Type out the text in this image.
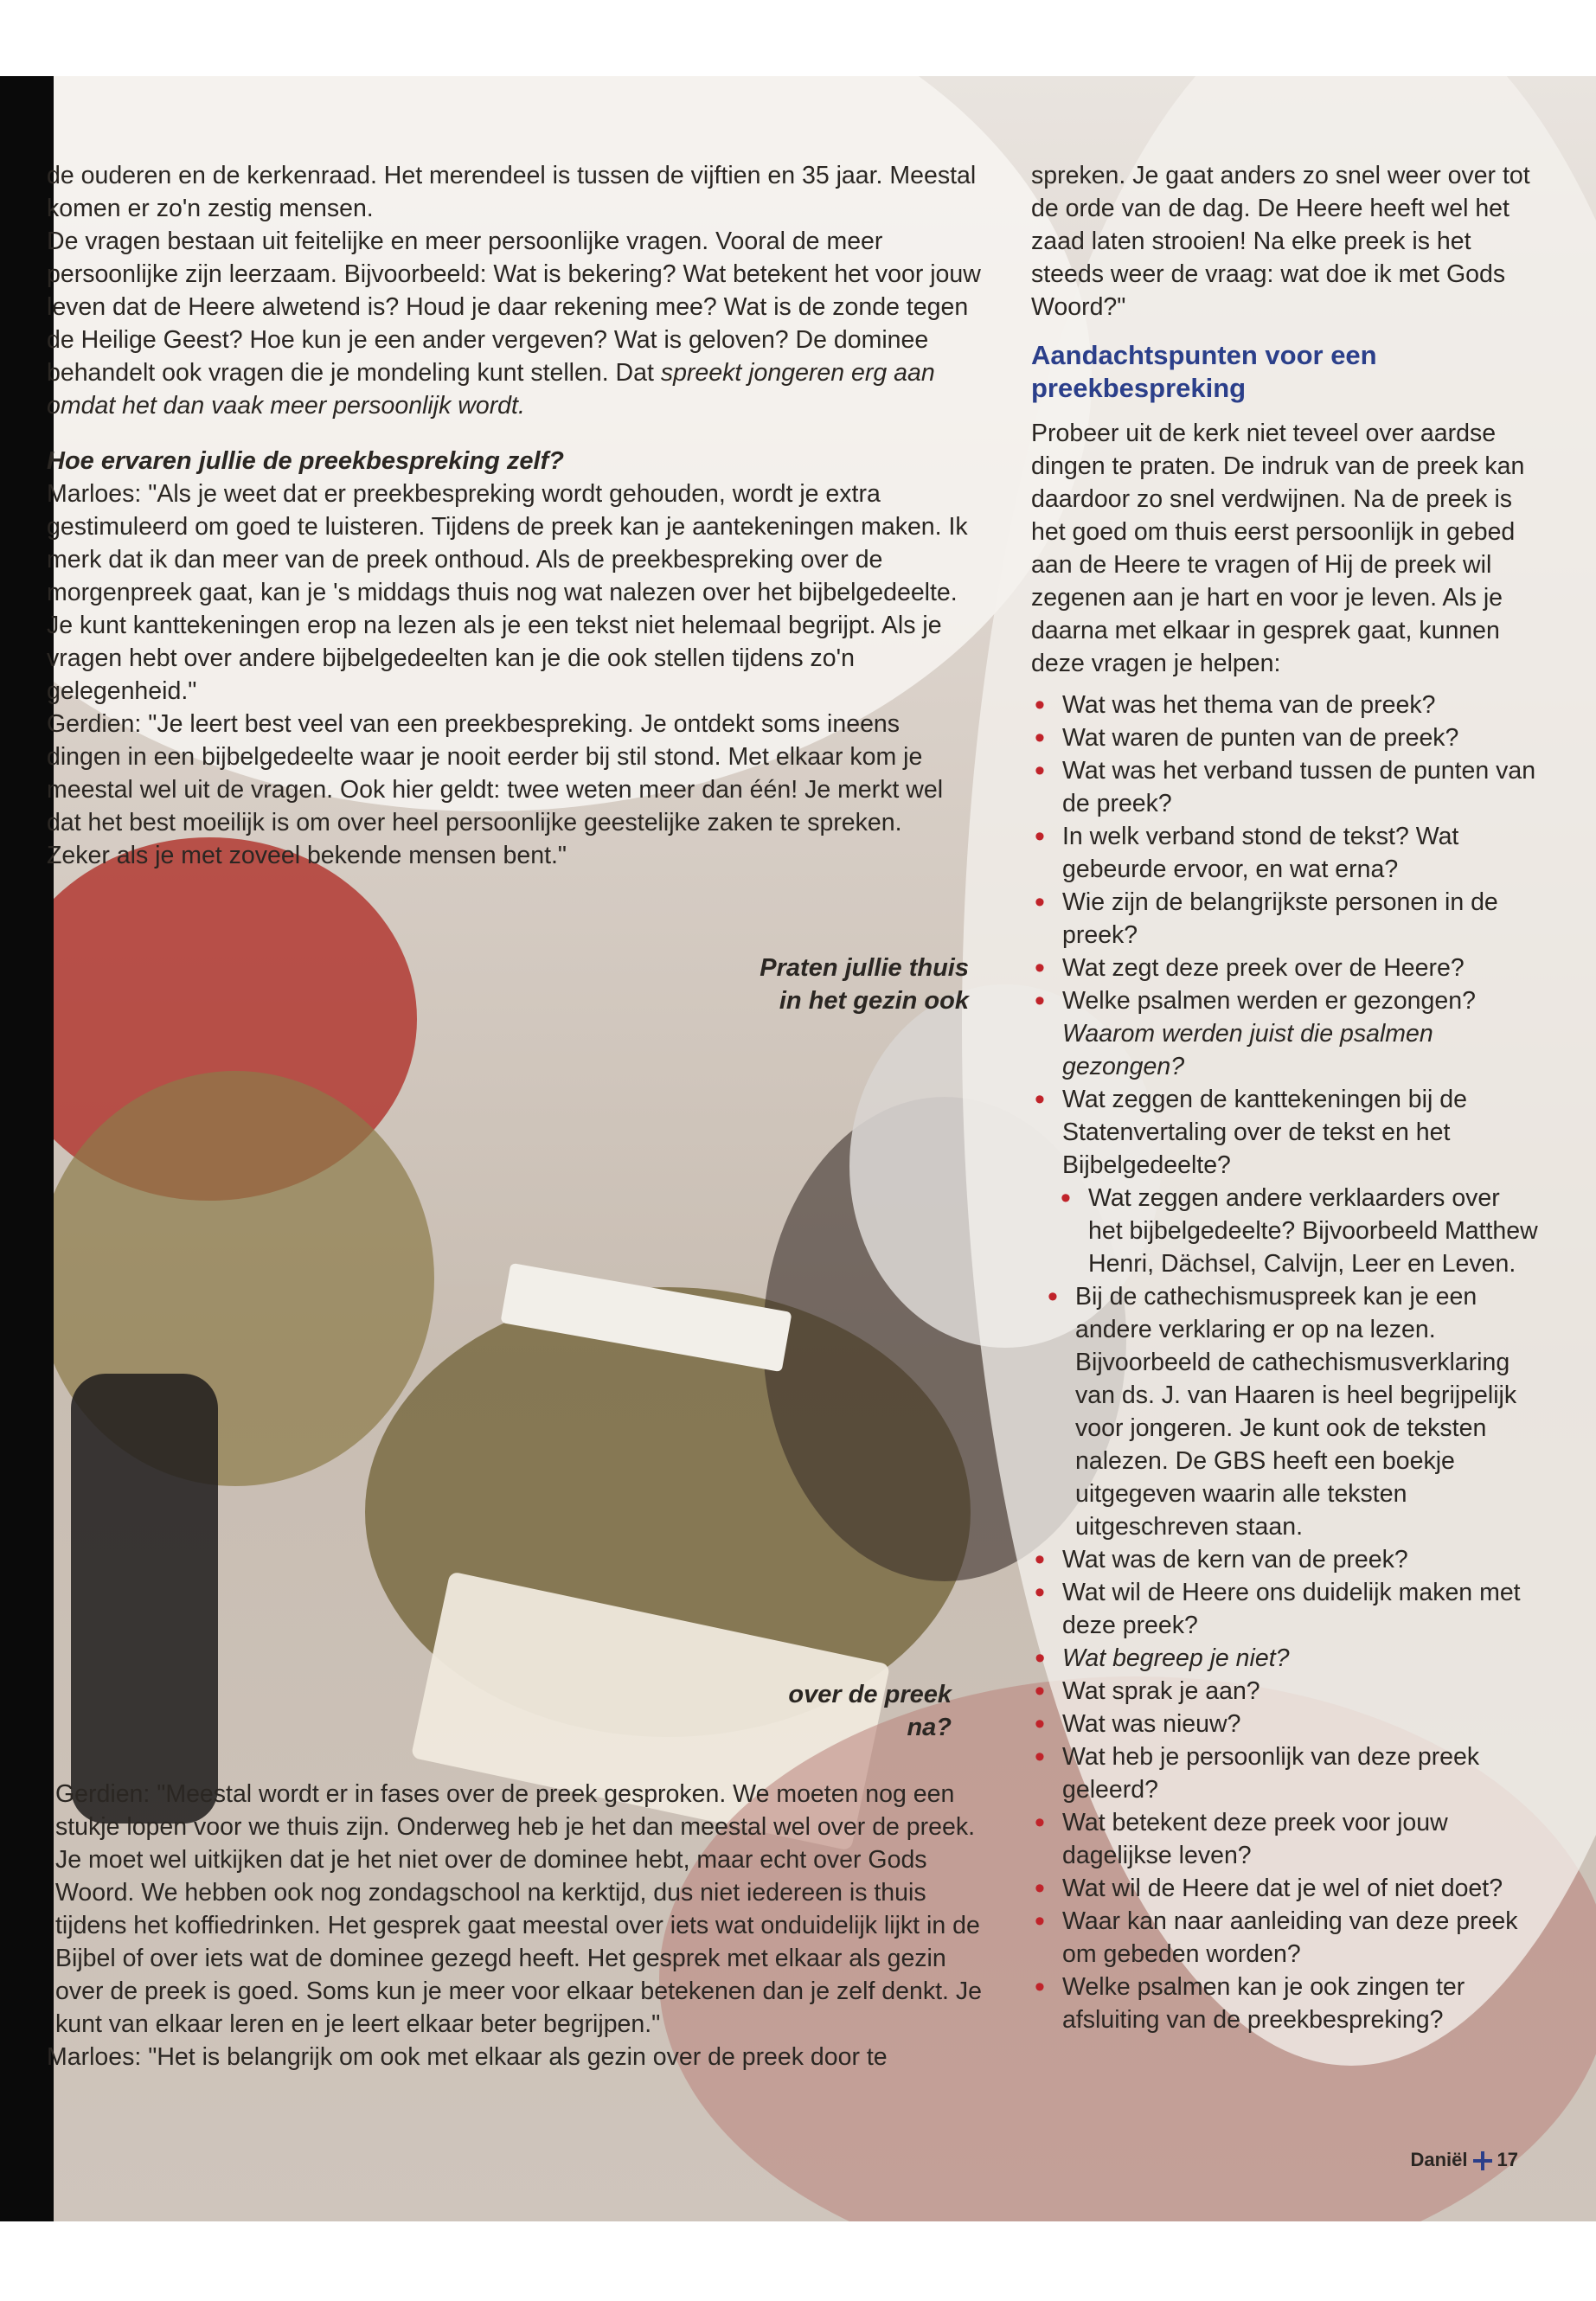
de ouderen en de kerkenraad. Het merendeel is tussen de vijftien en 35 jaar. Meestal komen er zo'n zestig mensen.

De vragen bestaan uit feitelijke en meer persoonlijke vragen. Vooral de meer persoonlijke zijn leerzaam. Bijvoorbeeld: Wat is bekering? Wat betekent het voor jouw leven dat de Heere alwetend is? Houd je daar rekening mee? Wat is de zonde tegen de Heilige Geest? Hoe kun je een ander vergeven? Wat is geloven? De dominee behandelt ook vragen die je mondeling kunt stellen. Dat spreekt jongeren erg aan omdat het dan vaak meer persoonlijk wordt.

Hoe ervaren jullie de preekbespreking zelf?

Marloes: "Als je weet dat er preekbespreking wordt gehouden, wordt je extra gestimuleerd om goed te luisteren. Tijdens de preek kan je aantekeningen maken. Ik merk dat ik dan meer van de preek onthoud. Als de preekbespreking over de morgenpreek gaat, kan je 's middags thuis nog wat nalezen over het bijbelgedeelte. Je kunt kanttekeningen erop na lezen als je een tekst niet helemaal begrijpt. Als je vragen hebt over andere bijbelgedeelten kan je die ook stellen tijdens zo'n gelegenheid."

Gerdien: "Je leert best veel van een preekbespreking. Je ontdekt soms ineens dingen in een bijbelgedeelte waar je nooit eerder bij stil stond. Met elkaar kom je meestal wel uit de vragen. Ook hier geldt: twee weten meer dan één! Je merkt wel dat het best moeilijk is om over heel persoonlijke geestelijke zaken te spreken. Zeker als je met zoveel bekende mensen bent."

Praten jullie thuis in het gezin ook
over de preek na?

Gerdien: "Meestal wordt er in fases over de preek gesproken. We moeten nog een stukje lopen voor we thuis zijn. Onderweg heb je het dan meestal wel over de preek. Je moet wel uitkijken dat je het niet over de dominee hebt, maar echt over Gods Woord. We hebben ook nog zondagschool na kerktijd, dus niet iedereen is thuis tijdens het koffiedrinken. Het gesprek gaat meestal over iets wat onduidelijk lijkt in de Bijbel of over iets wat de dominee gezegd heeft. Het gesprek met elkaar als gezin over de preek is goed. Soms kun je meer voor elkaar betekenen dan je zelf denkt. Je kunt van elkaar leren en je leert elkaar beter begrijpen."

Marloes: "Het is belangrijk om ook met elkaar als gezin over de preek door te

spreken. Je gaat anders zo snel weer over tot de orde van de dag. De Heere heeft wel het zaad laten strooien! Na elke preek is het steeds weer de vraag: wat doe ik met Gods Woord?"

Aandachtspunten voor een preekbespreking

Probeer uit de kerk niet teveel over aardse dingen te praten. De indruk van de preek kan daardoor zo snel verdwijnen. Na de preek is het goed om thuis eerst persoonlijk in gebed aan de Heere te vragen of Hij de preek wil zegenen aan je hart en voor je leven. Als je daarna met elkaar in gesprek gaat, kunnen deze vragen je helpen:

• Wat was het thema van de preek?
• Wat waren de punten van de preek?
• Wat was het verband tussen de punten van de preek?
• In welk verband stond de tekst? Wat gebeurde ervoor, en wat erna?
• Wie zijn de belangrijkste personen in de preek?
• Wat zegt deze preek over de Heere?
• Welke psalmen werden er gezongen? Waarom werden juist die psalmen gezongen?
• Wat zeggen de kanttekeningen bij de Statenvertaling over de tekst en het Bijbelgedeelte?
• Wat zeggen andere verklaarders over het bijbelgedeelte? Bijvoorbeeld Matthew Henri, Dächsel, Calvijn, Leer en Leven.
• Bij de cathechismuspreek kan je een andere verklaring er op na lezen. Bijvoorbeeld de cathechismusverklaring van ds. J. van Haaren is heel begrijpelijk voor jongeren. Je kunt ook de teksten nalezen. De GBS heeft een boekje uitgegeven waarin alle teksten uitgeschreven staan.
• Wat was de kern van de preek?
• Wat wil de Heere ons duidelijk maken met deze preek?
• Wat begreep je niet?
• Wat sprak je aan?
• Wat was nieuw?
• Wat heb je persoonlijk van deze preek geleerd?
• Wat betekent deze preek voor jouw dagelijkse leven?
• Wat wil de Heere dat je wel of niet doet?
• Waar kan naar aanleiding van deze preek om gebeden worden?
• Welke psalmen kan je ook zingen ter afsluiting van de preekbespreking?
Daniël 17
